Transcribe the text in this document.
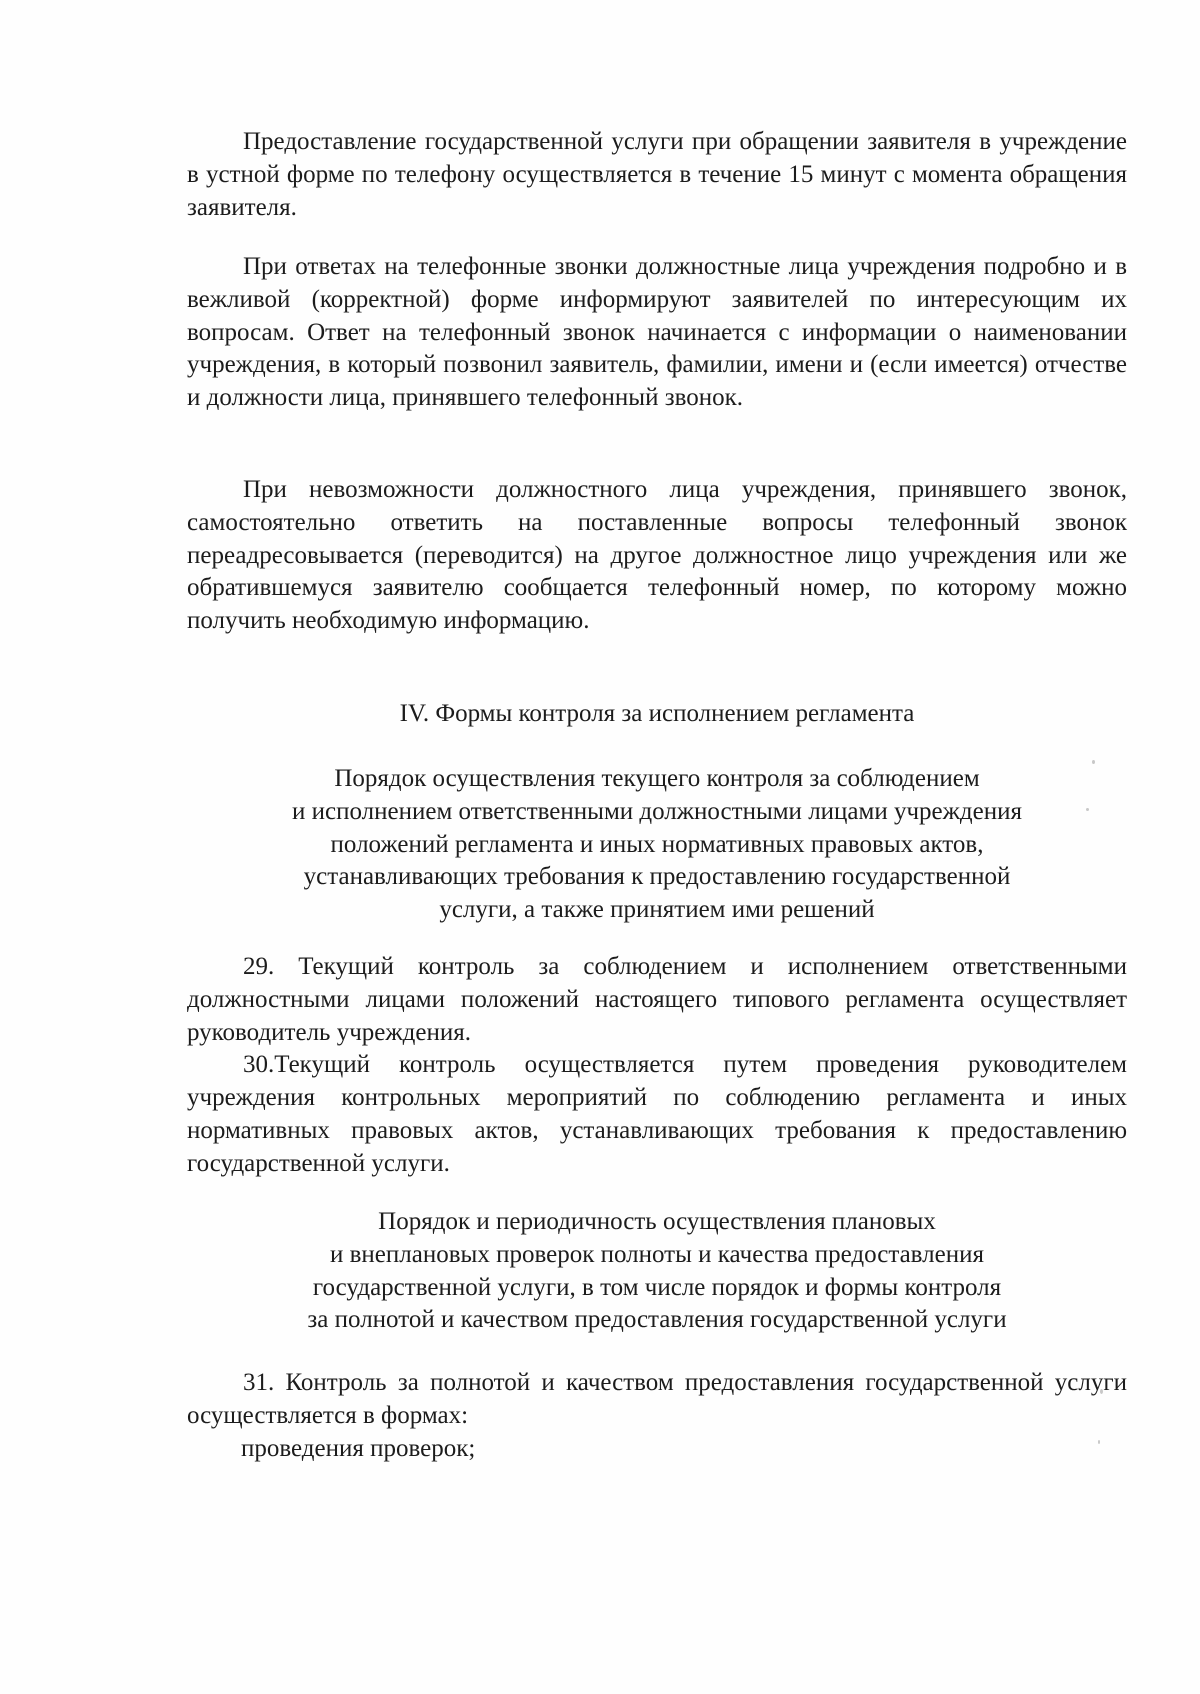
Предоставление государственной услуги при обращении заявителя в учреждение в устной форме по телефону осуществляется в течение 15 минут с момента обращения заявителя.

При ответах на телефонные звонки должностные лица учреждения подробно и в вежливой (корректной) форме информируют заявителей по интересующим их вопросам. Ответ на телефонный звонок начинается с информации о наименовании учреждения, в который позвонил заявитель, фамилии, имени и (если имеется) отчестве и должности лица, принявшего телефонный звонок.

При невозможности должностного лица учреждения, принявшего звонок, самостоятельно ответить на поставленные вопросы телефонный звонок переадресовывается (переводится) на другое должностное лицо учреждения или же обратившемуся заявителю сообщается телефонный номер, по которому можно получить необходимую информацию.

IV. Формы контроля за исполнением регламента

Порядок осуществления текущего контроля за соблюдением
и исполнением ответственными должностными лицами учреждения
положений регламента и иных нормативных правовых актов,
устанавливающих требования к предоставлению государственной
услуги, а также принятием ими решений

29. Текущий контроль за соблюдением и исполнением ответственными должностными лицами положений настоящего типового регламента осуществляет руководитель учреждения.

30.Текущий контроль осуществляется путем проведения руководителем учреждения контрольных мероприятий по соблюдению регламента и иных нормативных правовых актов, устанавливающих требования к предоставлению государственной услуги.

Порядок и периодичность осуществления плановых
и внеплановых проверок полноты и качества предоставления
государственной услуги, в том числе порядок и формы контроля
за полнотой и качеством предоставления государственной услуги

31. Контроль за полнотой и качеством предоставления государственной услуги осуществляется в формах:

проведения проверок;
